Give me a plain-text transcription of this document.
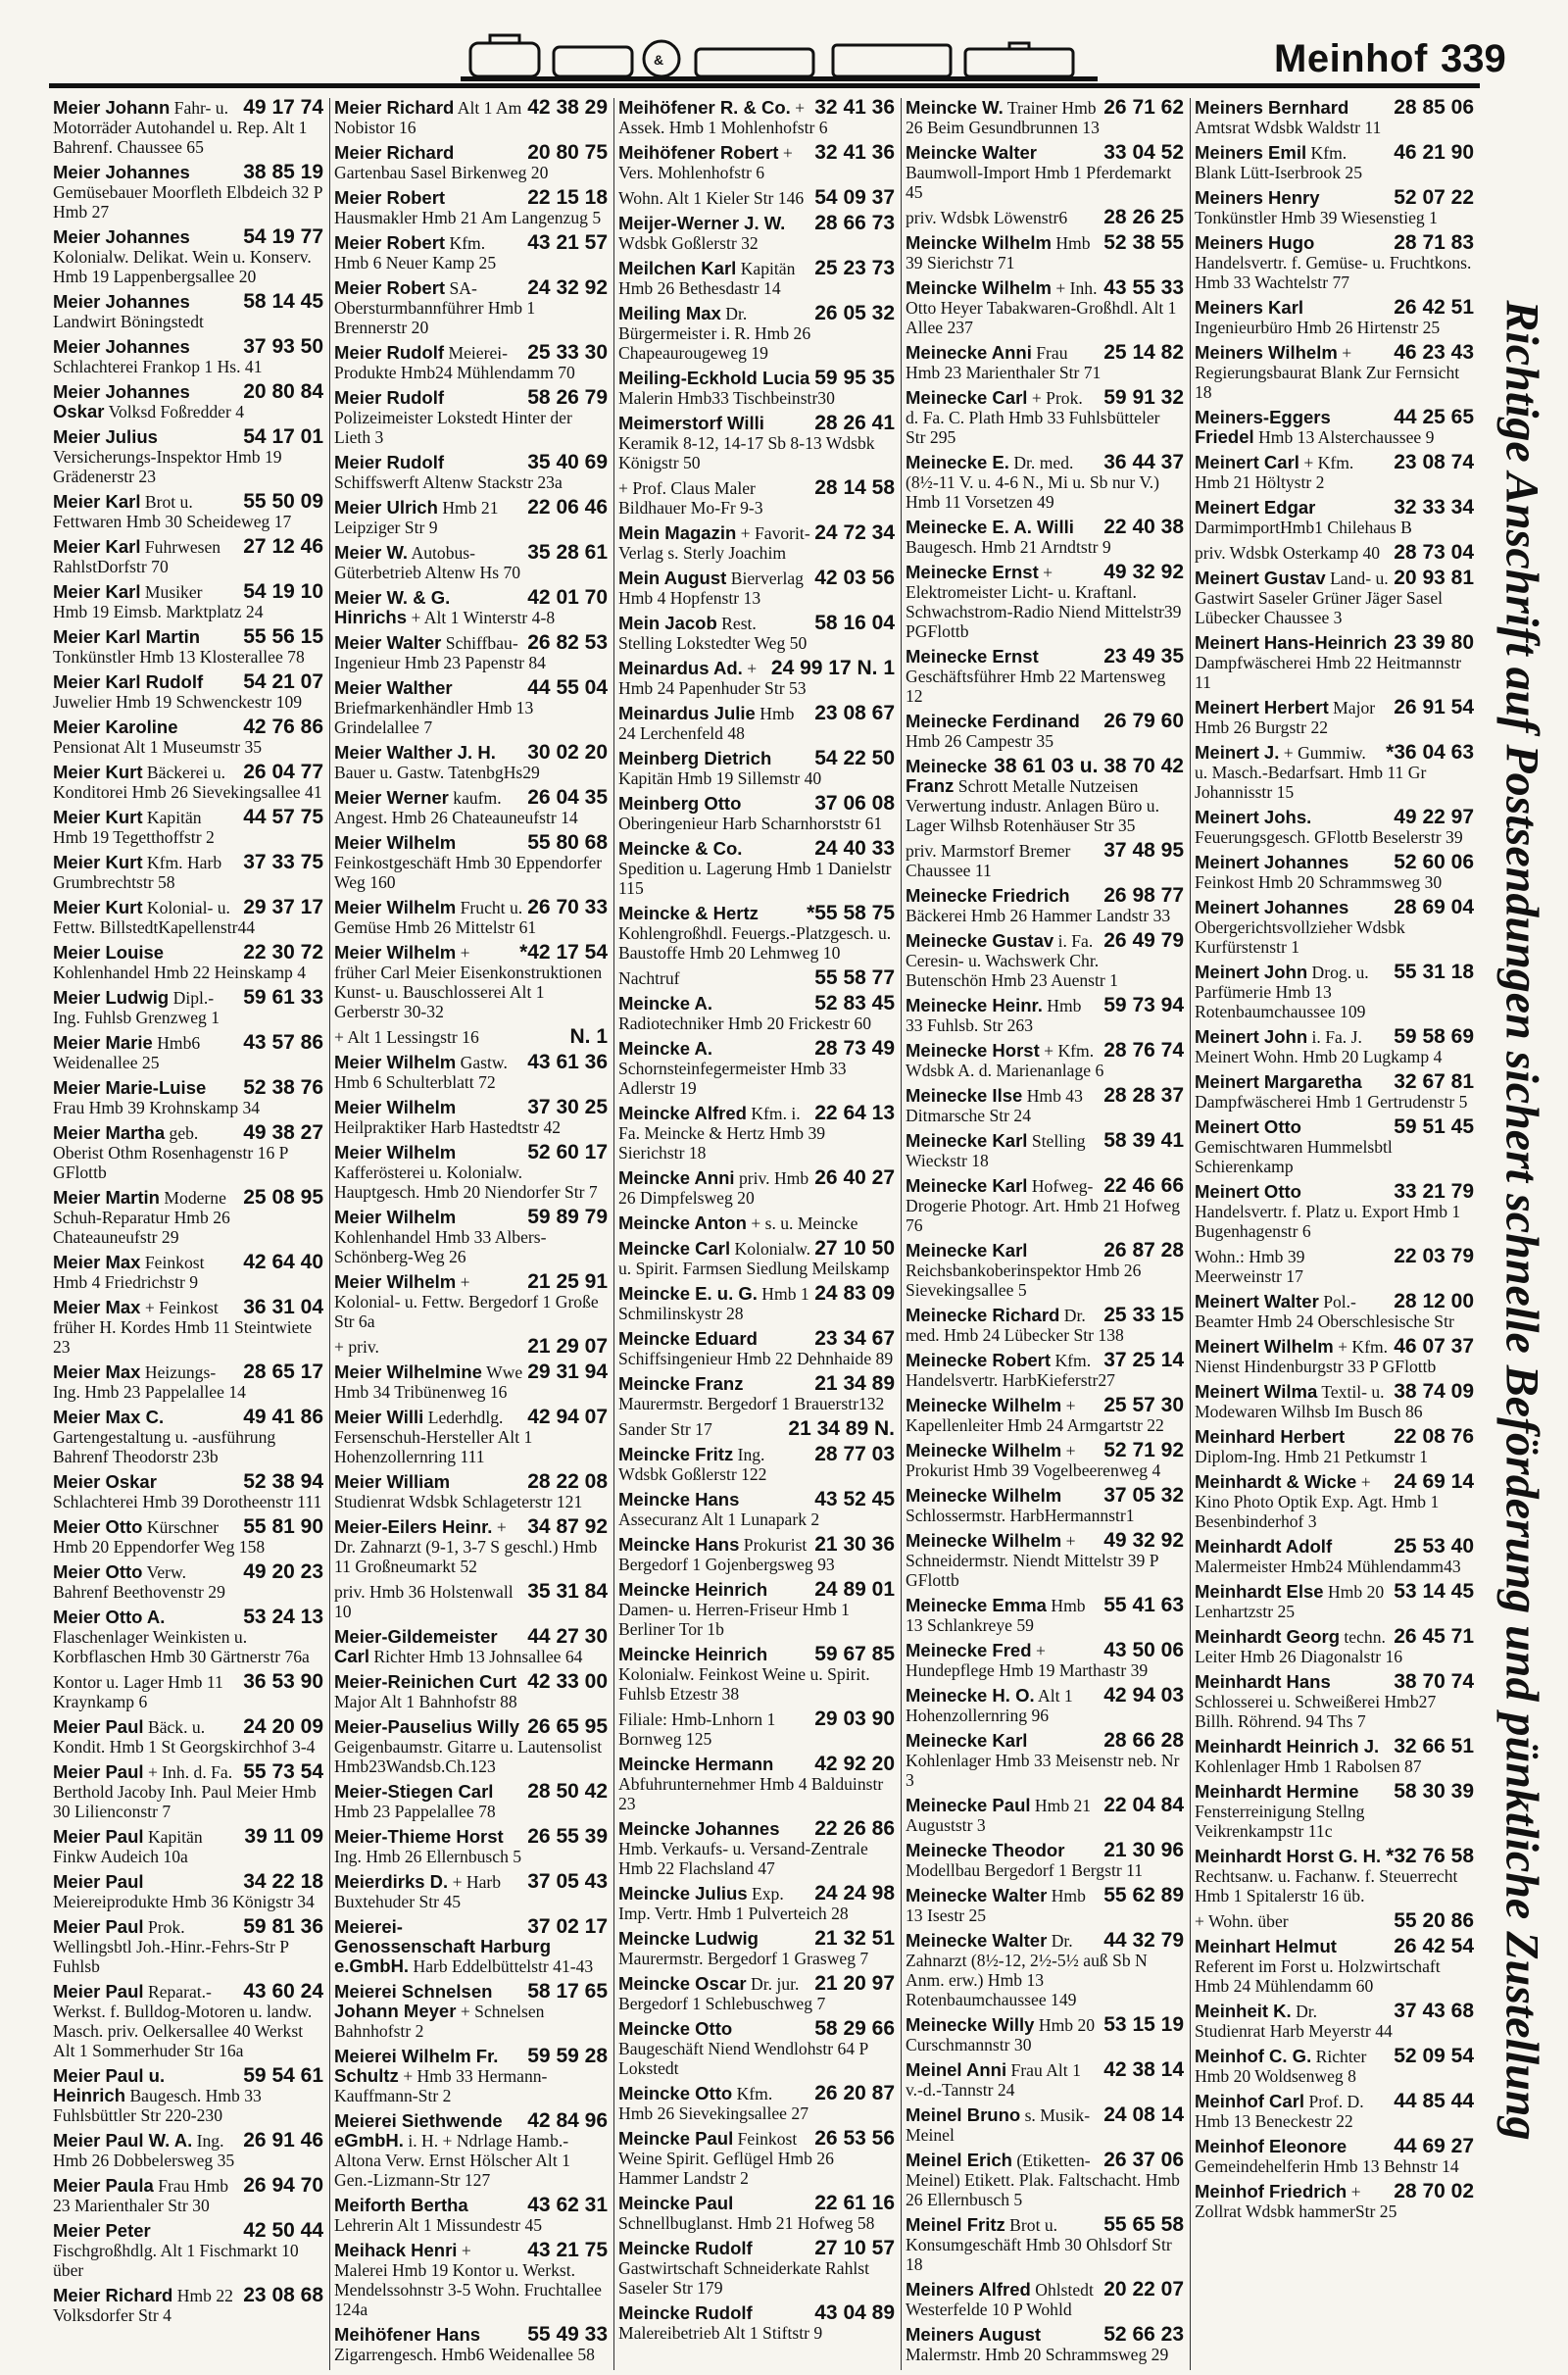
&	Meinhof 339
49 17 74
Meier Johann Fahr- u. Motorräder Autohandel u. Rep. Alt 1 Bahrenf. Chaussee 65
38 85 19
Meier Johannes Gemüsebauer Moorfleth Elbdeich 32 P Hmb 27
54 19 77
Meier Johannes Kolonialw. Delikat. Wein u. Konserv. Hmb 19 Lappenbergsallee 20
58 14 45
Meier Johannes Landwirt Böningstedt
37 93 50
Meier Johannes Schlachterei Frankop 1 Hs. 41
20 80 84
Meier Johannes Oskar Volksd Foßredder 4
54 17 01
Meier Julius Versicherungs-Inspektor Hmb 19 Grädenerstr 23
55 50 09
Meier Karl Brot u. Fettwaren Hmb 30 Scheideweg 17
27 12 46
Meier Karl Fuhrwesen RahlstDorfstr 70
54 19 10
Meier Karl Musiker Hmb 19 Eimsb. Marktplatz 24
55 56 15
Meier Karl Martin Tonkünstler Hmb 13 Klosterallee 78
54 21 07
Meier Karl Rudolf Juwelier Hmb 19 Schwenckestr 109
42 76 86
Meier Karoline Pensionat Alt 1 Museumstr 35
26 04 77
Meier Kurt Bäckerei u. Konditorei Hmb 26 Sievekingsallee 41
44 57 75
Meier Kurt Kapitän Hmb 19 Tegetthoffstr 2
37 33 75
Meier Kurt Kfm. Harb Grumbrechtstr 58
29 37 17
Meier Kurt Kolonial- u. Fettw. BillstedtKapellenstr44
22 30 72
Meier Louise Kohlenhandel Hmb 22 Heinskamp 4
59 61 33
Meier Ludwig Dipl.-Ing. Fuhlsb Grenzweg 1
43 57 86
Meier Marie Hmb6 Weidenallee 25
52 38 76
Meier Marie-Luise Frau Hmb 39 Krohnskamp 34
49 38 27
Meier Martha geb. Oberist Othm Rosenhagenstr 16 P GFlottb
25 08 95
Meier Martin Moderne Schuh-Reparatur Hmb 26 Chateauneufstr 29
42 64 40
Meier Max Feinkost Hmb 4 Friedrichstr 9
36 31 04
Meier Max + Feinkost früher H. Kordes Hmb 11 Steintwiete 23
28 65 17
Meier Max Heizungs-Ing. Hmb 23 Pappelallee 14
49 41 86
Meier Max C. Gartengestaltung u. -ausführung Bahrenf Theodorstr 23b
52 38 94
Meier Oskar Schlachterei Hmb 39 Dorotheenstr 111
55 81 90
Meier Otto Kürschner Hmb 20 Eppendorfer Weg 158
49 20 23
Meier Otto Verw. Bahrenf Beethovenstr 29
53 24 13
Meier Otto A. Flaschenlager Weinkisten u. Korbflaschen Hmb 30 Gärtnerstr 76a
36 53 90
Kontor u. Lager Hmb 11 Kraynkamp 6
24 20 09
Meier Paul Bäck. u. Kondit. Hmb 1 St Georgskirchhof 3-4
55 73 54
Meier Paul + Inh. d. Fa. Berthold Jacoby Inh. Paul Meier Hmb 30 Lilienconstr 7
39 11 09
Meier Paul Kapitän Finkw Audeich 10a
34 22 18
Meier Paul Meiereiprodukte Hmb 36 Königstr 34
59 81 36
Meier Paul Prok. Wellingsbtl Joh.-Hinr.-Fehrs-Str P Fuhlsb
43 60 24
Meier Paul Reparat.-Werkst. f. Bulldog-Motoren u. landw. Masch. priv. Oelkersallee 40 Werkst Alt 1 Sommerhuder Str 16a
59 54 61
Meier Paul u. Heinrich Baugesch. Hmb 33 Fuhlsbüttler Str 220-230
26 91 46
Meier Paul W. A. Ing. Hmb 26 Dobbelersweg 35
26 94 70
Meier Paula Frau Hmb 23 Marienthaler Str 30
42 50 44
Meier Peter Fischgroßhdlg. Alt 1 Fischmarkt 10 über
23 08 68
Meier Richard Hmb 22 Volksdorfer Str 4
42 38 29
Meier Richard Alt 1 Am Nobistor 16
20 80 75
Meier Richard Gartenbau Sasel Birkenweg 20
22 15 18
Meier Robert Hausmakler Hmb 21 Am Langenzug 5
43 21 57
Meier Robert Kfm. Hmb 6 Neuer Kamp 25
24 32 92
Meier Robert SA-Obersturmbannführer Hmb 1 Brennerstr 20
25 33 30
Meier Rudolf Meierei-Produkte Hmb24 Mühlendamm 70
58 26 79
Meier Rudolf Polizeimeister Lokstedt Hinter der Lieth 3
35 40 69
Meier Rudolf Schiffswerft Altenw Stackstr 23a
22 06 46
Meier Ulrich Hmb 21 Leipziger Str 9
35 28 61
Meier W. Autobus-Güterbetrieb Altenw Hs 70
42 01 70
Meier W. & G. Hinrichs + Alt 1 Winterstr 4-8
26 82 53
Meier Walter Schiffbau-Ingenieur Hmb 23 Papenstr 84
44 55 04
Meier Walther Briefmarkenhändler Hmb 13 Grindelallee 7
30 02 20
Meier Walther J. H. Bauer u. Gastw. TatenbgHs29
26 04 35
Meier Werner kaufm. Angest. Hmb 26 Chateauneufstr 14
55 80 68
Meier Wilhelm Feinkostgeschäft Hmb 30 Eppendorfer Weg 160
26 70 33
Meier Wilhelm Frucht u. Gemüse Hmb 26 Mittelstr 61
*42 17 54
Meier Wilhelm + früher Carl Meier Eisenkonstruktionen Kunst- u. Bauschlosserei Alt 1 Gerberstr 30-32
N. 1
+ Alt 1 Lessingstr 16
43 61 36
Meier Wilhelm Gastw. Hmb 6 Schulterblatt 72
37 30 25
Meier Wilhelm Heilpraktiker Harb Hastedtstr 42
52 60 17
Meier Wilhelm Kafferösterei u. Kolonialw. Hauptgesch. Hmb 20 Niendorfer Str 7
59 89 79
Meier Wilhelm Kohlenhandel Hmb 33 Albers-Schönberg-Weg 26
21 25 91
Meier Wilhelm + Kolonial- u. Fettw. Bergedorf 1 Große Str 6a
21 29 07
+ priv.
29 31 94
Meier Wilhelmine Wwe Hmb 34 Tribünenweg 16
42 94 07
Meier Willi Lederhdlg. Fersenschuh-Hersteller Alt 1 Hohenzollernring 111
28 22 08
Meier William Studienrat Wdsbk Schlageterstr 121
34 87 92
Meier-Eilers Heinr. + Dr. Zahnarzt (9-1, 3-7 S geschl.) Hmb 11 Großneumarkt 52
35 31 84
priv. Hmb 36 Holstenwall 10
44 27 30
Meier-Gildemeister Carl Richter Hmb 13 Johnsallee 64
42 33 00
Meier-Reinichen Curt Major Alt 1 Bahnhofstr 88
26 65 95
Meier-Pauselius Willy Geigenbaumstr. Gitarre u. Lautensolist Hmb23Wandsb.Ch.123
28 50 42
Meier-Stiegen Carl Hmb 23 Pappelallee 78
26 55 39
Meier-Thieme Horst Ing. Hmb 26 Ellernbusch 5
37 05 43
Meierdirks D. + Harb Buxtehuder Str 45
37 02 17
Meierei-Genossenschaft Harburg e.GmbH. Harb Eddelbüttelstr 41-43
58 17 65
Meierei Schnelsen Johann Meyer + Schnelsen Bahnhofstr 2
59 59 28
Meierei Wilhelm Fr. Schultz + Hmb 33 Hermann-Kauffmann-Str 2
42 84 96
Meierei Siethwende eGmbH. i. H. + Ndrlage Hamb.-Altona Verw. Ernst Hölscher Alt 1 Gen.-Lizmann-Str 127
43 62 31
Meiforth Bertha Lehrerin Alt 1 Missundestr 45
43 21 75
Meihack Henri + Malerei Hmb 19 Kontor u. Werkst. Mendelssohnstr 3-5 Wohn. Fruchtallee 124a
55 49 33
Meihöfener Hans Zigarrengesch. Hmb6 Weidenallee 58
32 41 36
Meihöfener R. & Co. + Assek. Hmb 1 Mohlenhofstr 6
32 41 36
Meihöfener Robert + Vers. Mohlenhofstr 6
54 09 37
Wohn. Alt 1 Kieler Str 146
28 66 73
Meijer-Werner J. W. Wdsbk Goßlerstr 32
25 23 73
Meilchen Karl Kapitän Hmb 26 Bethesdastr 14
26 05 32
Meiling Max Dr. Bürgermeister i. R. Hmb 26 Chapeaurougeweg 19
59 95 35
Meiling-Eckhold Lucia Malerin Hmb33 Tischbeinstr30
28 26 41
Meimerstorf Willi Keramik 8-12, 14-17 Sb 8-13 Wdsbk Königstr 50
28 14 58
+ Prof. Claus Maler Bildhauer Mo-Fr 9-3
24 72 34
Mein Magazin + Favorit-Verlag s. Sterly Joachim
42 03 56
Mein August Bierverlag Hmb 4 Hopfenstr 13
58 16 04
Mein Jacob Rest. Stelling Lokstedter Weg 50
24 99 17 N. 1
Meinardus Ad. + Hmb 24 Papenhuder Str 53
23 08 67
Meinardus Julie Hmb 24 Lerchenfeld 48
54 22 50
Meinberg Dietrich Kapitän Hmb 19 Sillemstr 40
37 06 08
Meinberg Otto Oberingenieur Harb Scharnhorststr 61
24 40 33
Meincke & Co. Spedition u. Lagerung Hmb 1 Danielstr 115
*55 58 75
Meincke & Hertz Kohlengroßhdl. Feuergs.-Platzgesch. u. Baustoffe Hmb 20 Lehmweg 10
55 58 77
Nachtruf
52 83 45
Meincke A. Radiotechniker Hmb 20 Frickestr 60
28 73 49
Meincke A. Schornsteinfegermeister Hmb 33 Adlerstr 19
22 64 13
Meincke Alfred Kfm. i. Fa. Meincke & Hertz Hmb 39 Sierichstr 18
26 40 27
Meincke Anni priv. Hmb 26 Dimpfelsweg 20
Meincke Anton + s. u. Meincke
27 10 50
Meincke Carl Kolonialw. u. Spirit. Farmsen Siedlung Meilskamp
24 83 09
Meincke E. u. G. Hmb 1 Schmilinskystr 28
23 34 67
Meincke Eduard Schiffsingenieur Hmb 22 Dehnhaide 89
21 34 89
Meincke Franz Maurermstr. Bergedorf 1 Brauerstr132
21 34 89 N.
Sander Str 17
28 77 03
Meincke Fritz Ing. Wdsbk Goßlerstr 122
43 52 45
Meincke Hans Assecuranz Alt 1 Lunapark 2
21 30 36
Meincke Hans Prokurist Bergedorf 1 Gojenbergsweg 93
24 89 01
Meincke Heinrich Damen- u. Herren-Friseur Hmb 1 Berliner Tor 1b
59 67 85
Meincke Heinrich Kolonialw. Feinkost Weine u. Spirit. Fuhlsb Etzestr 38
29 03 90
Filiale: Hmb-Lnhorn 1 Bornweg 125
42 92 20
Meincke Hermann Abfuhrunternehmer Hmb 4 Balduinstr 23
22 26 86
Meincke Johannes Hmb. Verkaufs- u. Versand-Zentrale Hmb 22 Flachsland 47
24 24 98
Meincke Julius Exp. Imp. Vertr. Hmb 1 Pulverteich 28
21 32 51
Meincke Ludwig Maurermstr. Bergedorf 1 Grasweg 7
21 20 97
Meincke Oscar Dr. jur. Bergedorf 1 Schlebuschweg 7
58 29 66
Meincke Otto Baugeschäft Niend Wendlohstr 64 P Lokstedt
26 20 87
Meincke Otto Kfm. Hmb 26 Sievekingsallee 27
26 53 56
Meincke Paul Feinkost Weine Spirit. Geflügel Hmb 26 Hammer Landstr 2
22 61 16
Meincke Paul Schnellbuglanst. Hmb 21 Hofweg 58
27 10 57
Meincke Rudolf Gastwirtschaft Schneiderkate Rahlst Saseler Str 179
43 04 89
Meincke Rudolf Malereibetrieb Alt 1 Stiftstr 9
26 71 62
Meincke W. Trainer Hmb 26 Beim Gesundbrunnen 13
33 04 52
Meincke Walter Baumwoll-Import Hmb 1 Pferdemarkt 45
28 26 25
priv. Wdsbk Löwenstr6
52 38 55
Meincke Wilhelm Hmb 39 Sierichstr 71
43 55 33
Meincke Wilhelm + Inh. Otto Heyer Tabakwaren-Großhdl. Alt 1 Allee 237
25 14 82
Meinecke Anni Frau Hmb 23 Marienthaler Str 71
59 91 32
Meinecke Carl + Prok. d. Fa. C. Plath Hmb 33 Fuhlsbütteler Str 295
36 44 37
Meinecke E. Dr. med. (8½-11 V. u. 4-6 N., Mi u. Sb nur V.) Hmb 11 Vorsetzen 49
22 40 38
Meinecke E. A. Willi Baugesch. Hmb 21 Arndtstr 9
49 32 92
Meinecke Ernst + Elektromeister Licht- u. Kraftanl. Schwachstrom-Radio Niend Mittelstr39 PGFlottb
23 49 35
Meinecke Ernst Geschäftsführer Hmb 22 Martensweg 12
26 79 60
Meinecke Ferdinand Hmb 26 Campestr 35
38 61 03 u. 38 70 42
Meinecke Franz Schrott Metalle Nutzeisen Verwertung industr. Anlagen Büro u. Lager Wilhsb Rotenhäuser Str 35
37 48 95
priv. Marmstorf Bremer Chaussee 11
26 98 77
Meinecke Friedrich Bäckerei Hmb 26 Hammer Landstr 33
26 49 79
Meinecke Gustav i. Fa. Ceresin- u. Wachswerk Chr. Butenschön Hmb 23 Auenstr 1
59 73 94
Meinecke Heinr. Hmb 33 Fuhlsb. Str 263
28 76 74
Meinecke Horst + Kfm. Wdsbk A. d. Marienanlage 6
28 28 37
Meinecke Ilse Hmb 43 Ditmarsche Str 24
58 39 41
Meinecke Karl Stelling Wieckstr 18
22 46 66
Meinecke Karl Hofweg-Drogerie Photogr. Art. Hmb 21 Hofweg 76
26 87 28
Meinecke Karl Reichsbankoberinspektor Hmb 26 Sievekingsallee 5
25 33 15
Meinecke Richard Dr. med. Hmb 24 Lübecker Str 138
37 25 14
Meinecke Robert Kfm. Handelsvertr. HarbKieferstr27
25 57 30
Meinecke Wilhelm + Kapellenleiter Hmb 24 Armgartstr 22
52 71 92
Meinecke Wilhelm + Prokurist Hmb 39 Vogelbeerenweg 4
37 05 32
Meinecke Wilhelm Schlossermstr. HarbHermannstr1
49 32 92
Meinecke Wilhelm + Schneidermstr. Niendt Mittelstr 39 P GFlottb
55 41 63
Meinecke Emma Hmb 13 Schlankreye 59
43 50 06
Meinecke Fred + Hundepflege Hmb 19 Marthastr 39
42 94 03
Meinecke H. O. Alt 1 Hohenzollernring 96
28 66 28
Meinecke Karl Kohlenlager Hmb 33 Meisenstr neb. Nr 3
22 04 84
Meinecke Paul Hmb 21 Auguststr 3
21 30 96
Meinecke Theodor Modellbau Bergedorf 1 Bergstr 11
55 62 89
Meinecke Walter Hmb 13 Isestr 25
44 32 79
Meinecke Walter Dr. Zahnarzt (8½-12, 2½-5½ auß Sb N Anm. erw.) Hmb 13 Rotenbaumchaussee 149
53 15 19
Meinecke Willy Hmb 20 Curschmannstr 30
42 38 14
Meinel Anni Frau Alt 1 v.-d.-Tannstr 24
24 08 14
Meinel Bruno s. Musik-Meinel
26 37 06
Meinel Erich (Etiketten-Meinel) Etikett. Plak. Faltschacht. Hmb 26 Ellernbusch 5
55 65 58
Meinel Fritz Brot u. Konsumgeschäft Hmb 30 Ohlsdorf Str 18
20 22 07
Meiners Alfred Ohlstedt Westerfelde 10 P Wohld
52 66 23
Meiners August Malermstr. Hmb 20 Schrammsweg 29
28 85 06
Meiners Bernhard Amtsrat Wdsbk Waldstr 11
46 21 90
Meiners Emil Kfm. Blank Lütt-Iserbrook 25
52 07 22
Meiners Henry Tonkünstler Hmb 39 Wiesenstieg 1
28 71 83
Meiners Hugo Handelsvertr. f. Gemüse- u. Fruchtkons. Hmb 33 Wachtelstr 77
26 42 51
Meiners Karl Ingenieurbüro Hmb 26 Hirtenstr 25
46 23 43
Meiners Wilhelm + Regierungsbaurat Blank Zur Fernsicht 18
44 25 65
Meiners-Eggers Friedel Hmb 13 Alsterchaussee 9
23 08 74
Meinert Carl + Kfm. Hmb 21 Höltystr 2
32 33 34
Meinert Edgar DarmimportHmb1 Chilehaus B
28 73 04
priv. Wdsbk Osterkamp 40
20 93 81
Meinert Gustav Land- u. Gastwirt Saseler Grüner Jäger Sasel Lübecker Chaussee 3
23 39 80
Meinert Hans-Heinrich Dampfwäscherei Hmb 22 Heitmannstr 11
26 91 54
Meinert Herbert Major Hmb 26 Burgstr 22
*36 04 63
Meinert J. + Gummiw. u. Masch.-Bedarfsart. Hmb 11 Gr Johannisstr 15
49 22 97
Meinert Johs. Feuerungsgesch. GFlottb Beselerstr 39
52 60 06
Meinert Johannes Feinkost Hmb 20 Schrammsweg 30
28 69 04
Meinert Johannes Obergerichtsvollzieher Wdsbk Kurfürstenstr 1
55 31 18
Meinert John Drog. u. Parfümerie Hmb 13 Rotenbaumchaussee 109
59 58 69
Meinert John i. Fa. J. Meinert Wohn. Hmb 20 Lugkamp 4
32 67 81
Meinert Margaretha Dampfwäscherei Hmb 1 Gertrudenstr 5
59 51 45
Meinert Otto Gemischtwaren Hummelsbtl Schierenkamp
33 21 79
Meinert Otto Handelsvertr. f. Platz u. Export Hmb 1 Bugenhagenstr 6
22 03 79
Wohn.: Hmb 39 Meerweinstr 17
28 12 00
Meinert Walter Pol.-Beamter Hmb 24 Oberschlesische Str
46 07 37
Meinert Wilhelm + Kfm. Nienst Hindenburgstr 33 P GFlottb
38 74 09
Meinert Wilma Textil- u. Modewaren Wilhsb Im Busch 86
22 08 76
Meinhard Herbert Diplom-Ing. Hmb 21 Petkumstr 1
24 69 14
Meinhardt & Wicke + Kino Photo Optik Exp. Agt. Hmb 1 Besenbinderhof 3
25 53 40
Meinhardt Adolf Malermeister Hmb24 Mühlendamm43
53 14 45
Meinhardt Else Hmb 20 Lenhartzstr 25
26 45 71
Meinhardt Georg techn. Leiter Hmb 26 Diagonalstr 16
38 70 74
Meinhardt Hans Schlosserei u. Schweißerei Hmb27 Billh. Röhrend. 94 Ths 7
32 66 51
Meinhardt Heinrich J. Kohlenlager Hmb 1 Rabolsen 87
58 30 39
Meinhardt Hermine Fensterreinigung Stellng Veikrenkampstr 11c
*32 76 58
Meinhardt Horst G. H. Rechtsanw. u. Fachanw. f. Steuerrecht Hmb 1 Spitalerstr 16 üb.
55 20 86
+ Wohn. über
26 42 54
Meinhart Helmut Referent im Forst u. Holzwirtschaft Hmb 24 Mühlendamm 60
37 43 68
Meinheit K. Dr. Studienrat Harb Meyerstr 44
52 09 54
Meinhof C. G. Richter Hmb 20 Woldsenweg 8
44 85 44
Meinhof Carl Prof. D. Hmb 13 Beneckestr 22
44 69 27
Meinhof Eleonore Gemeindehelferin Hmb 13 Behnstr 14
28 70 02
Meinhof Friedrich + Zollrat Wdsbk hammerStr 25
Richtige Anschrift auf Postsendungen sichert schnelle Beförderung und pünktliche Zustellung
